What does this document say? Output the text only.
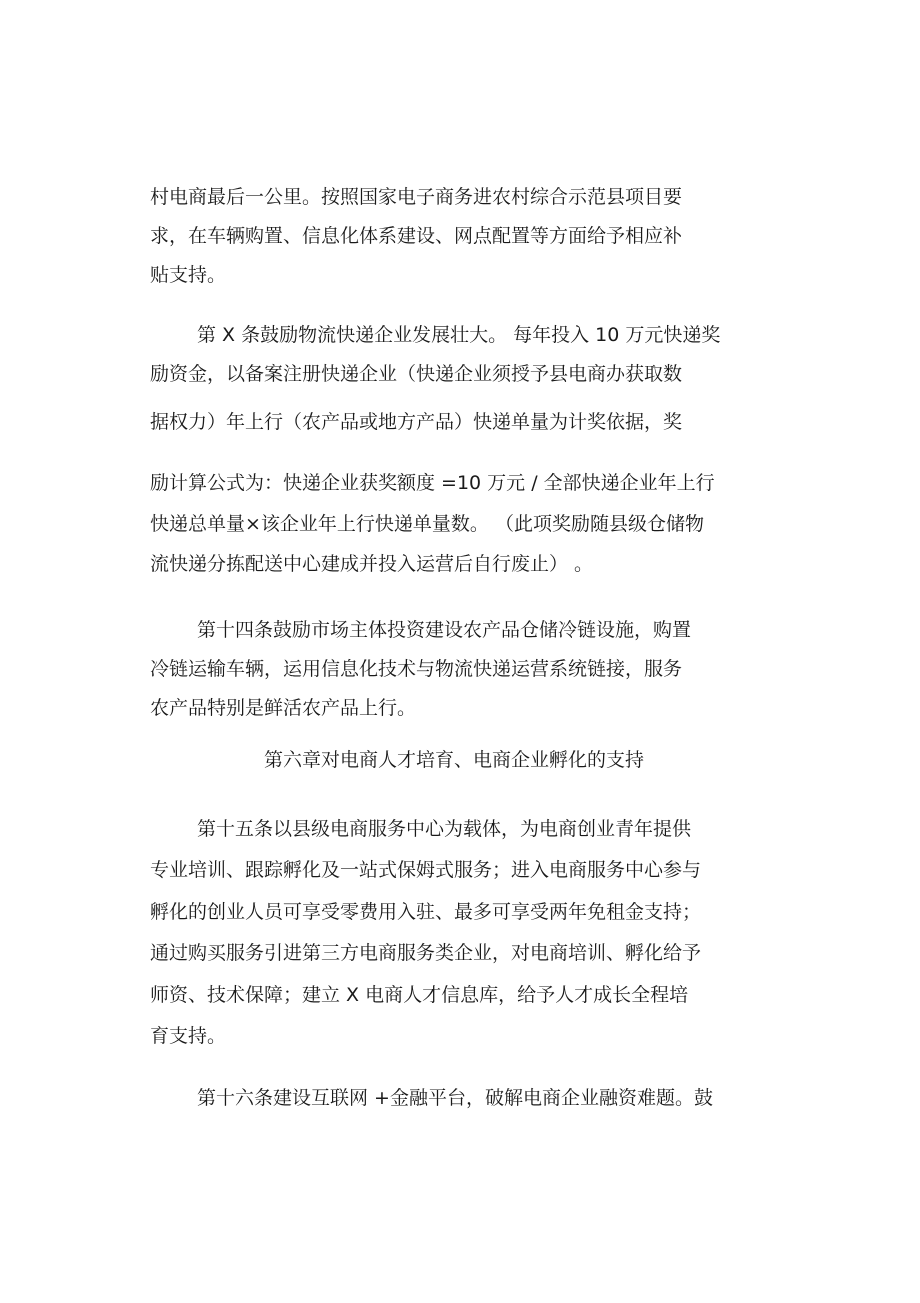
村电商最后一公里。按照国家电子商务进农村综合示范县项目要

求，在车辆购置、信息化体系建设、网点配置等方面给予相应补

贴支持。

第 X 条鼓励物流快递企业发展壮大。 每年投入 10 万元快递奖

励资金，以备案注册快递企业（快递企业须授予县电商办获取数

据权力）年上行（农产品或地方产品）快递单量为计奖依据，奖

励计算公式为：快递企业获奖额度 =10 万元 / 全部快递企业年上行

快递总单量×该企业年上行快递单量数。 （此项奖励随县级仓储物

流快递分拣配送中心建成并投入运营后自行废止） 。

第十四条鼓励市场主体投资建设农产品仓储冷链设施，购置

冷链运输车辆，运用信息化技术与物流快递运营系统链接，服务

农产品特别是鲜活农产品上行。

第六章对电商人才培育、电商企业孵化的支持

第十五条以县级电商服务中心为载体，为电商创业青年提供

专业培训、跟踪孵化及一站式保姆式服务；进入电商服务中心参与

孵化的创业人员可享受零费用入驻、最多可享受两年免租金支持；

通过购买服务引进第三方电商服务类企业，对电商培训、孵化给予

师资、技术保障；建立 X 电商人才信息库，给予人才成长全程培

育支持。

第十六条建设互联网 +金融平台，破解电商企业融资难题。鼓
